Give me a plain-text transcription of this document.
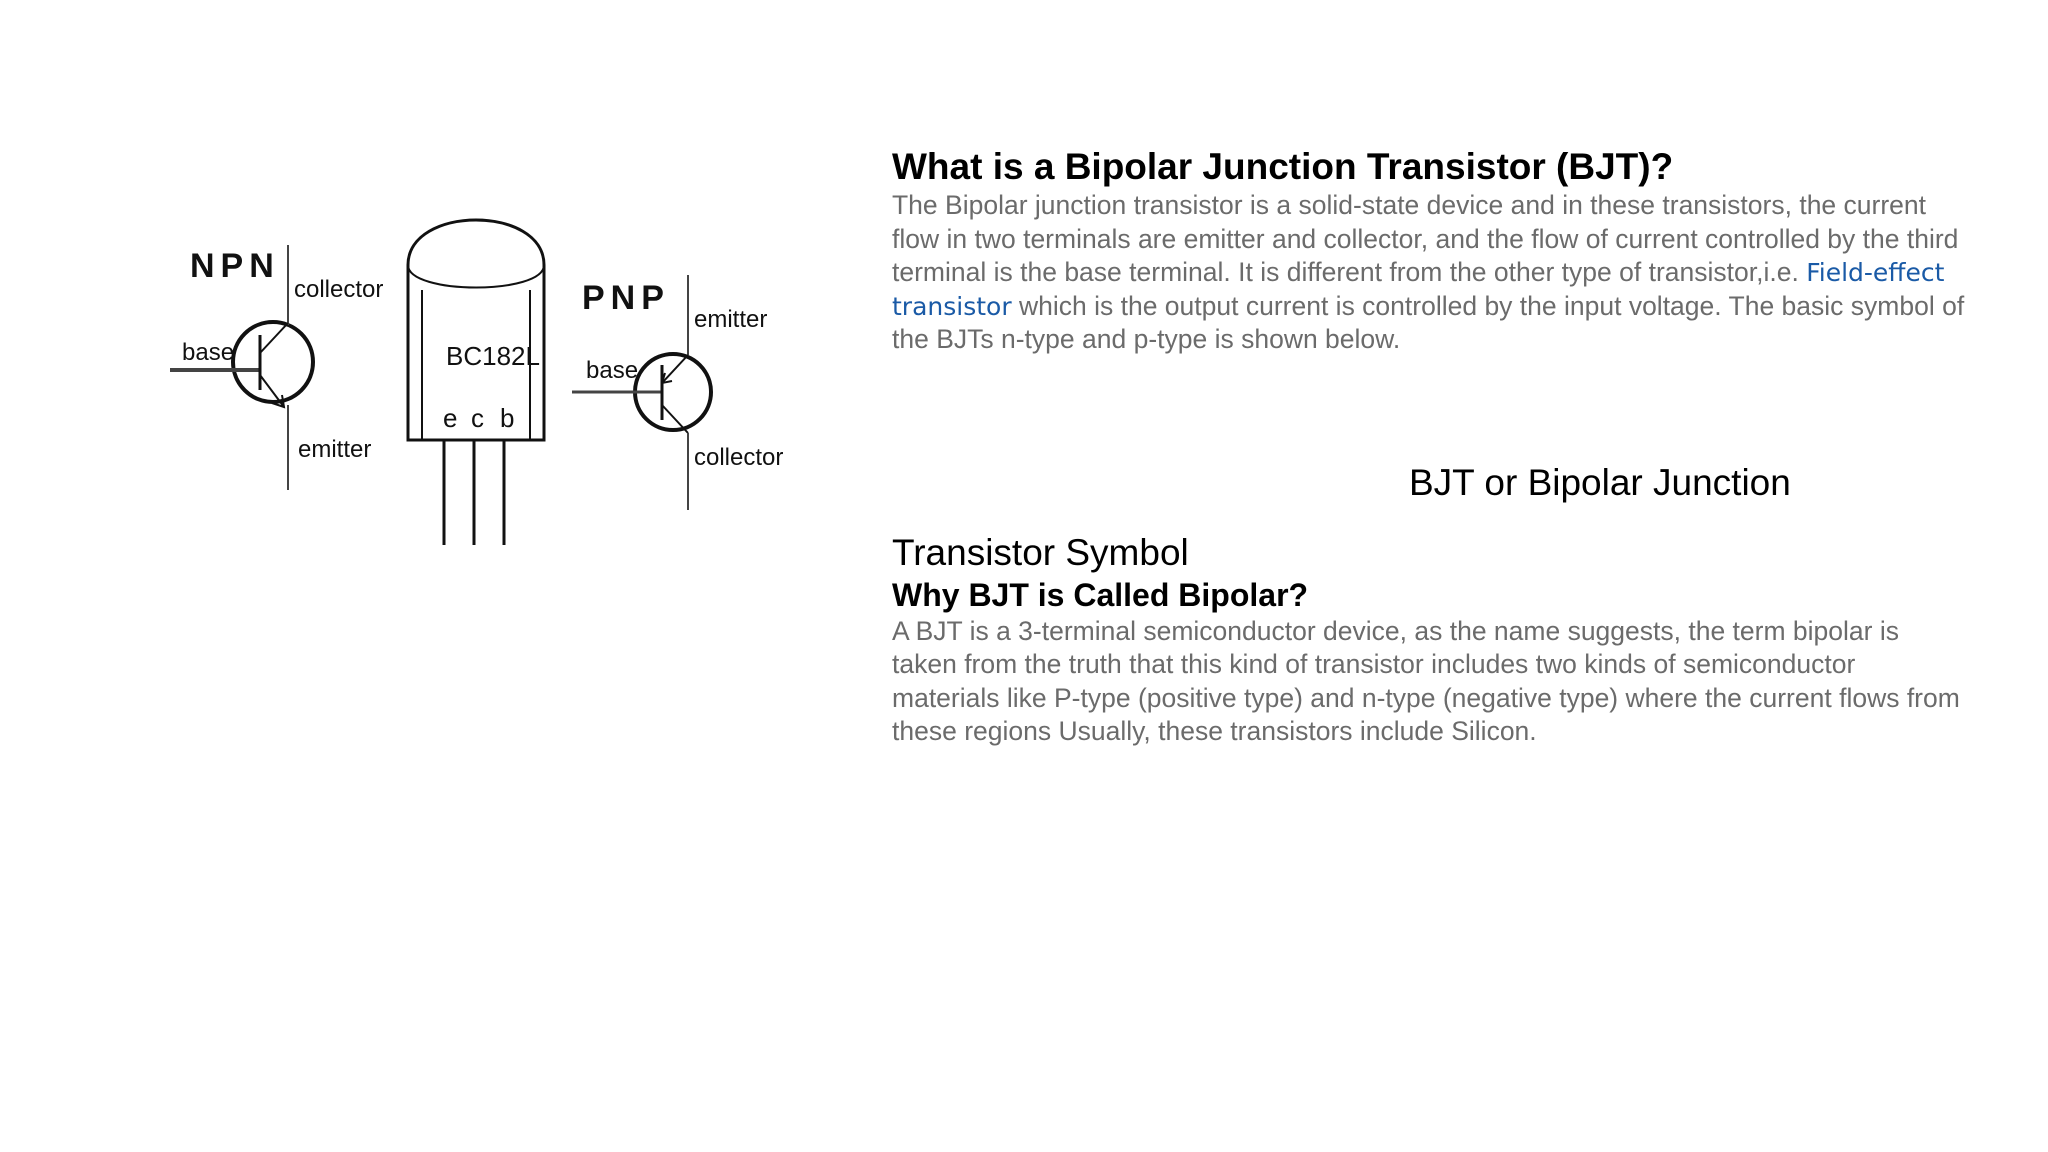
NPN
collector
base
emitter
BC182L
e c b
PNP
emitter
base
collector
What is a Bipolar Junction Transistor (BJT)?

The Bipolar junction transistor is a solid-state device and in these transistors, the current flow in two terminals are emitter and collector, and the flow of current controlled by the third terminal is the base terminal. It is different from the other type of transistor,i.e. Field-effect transistor which is the output current is controlled by the input voltage. The basic symbol of the BJTs n-type and p-type is shown below.

BJT or Bipolar Junction
Transistor Symbol
Why BJT is Called Bipolar?

A BJT is a 3-terminal semiconductor device, as the name suggests, the term bipolar is taken from the truth that this kind of transistor includes two kinds of semiconductor materials like P-type (positive type) and n-type (negative type) where the current flows from these regions Usually, these transistors include Silicon.
